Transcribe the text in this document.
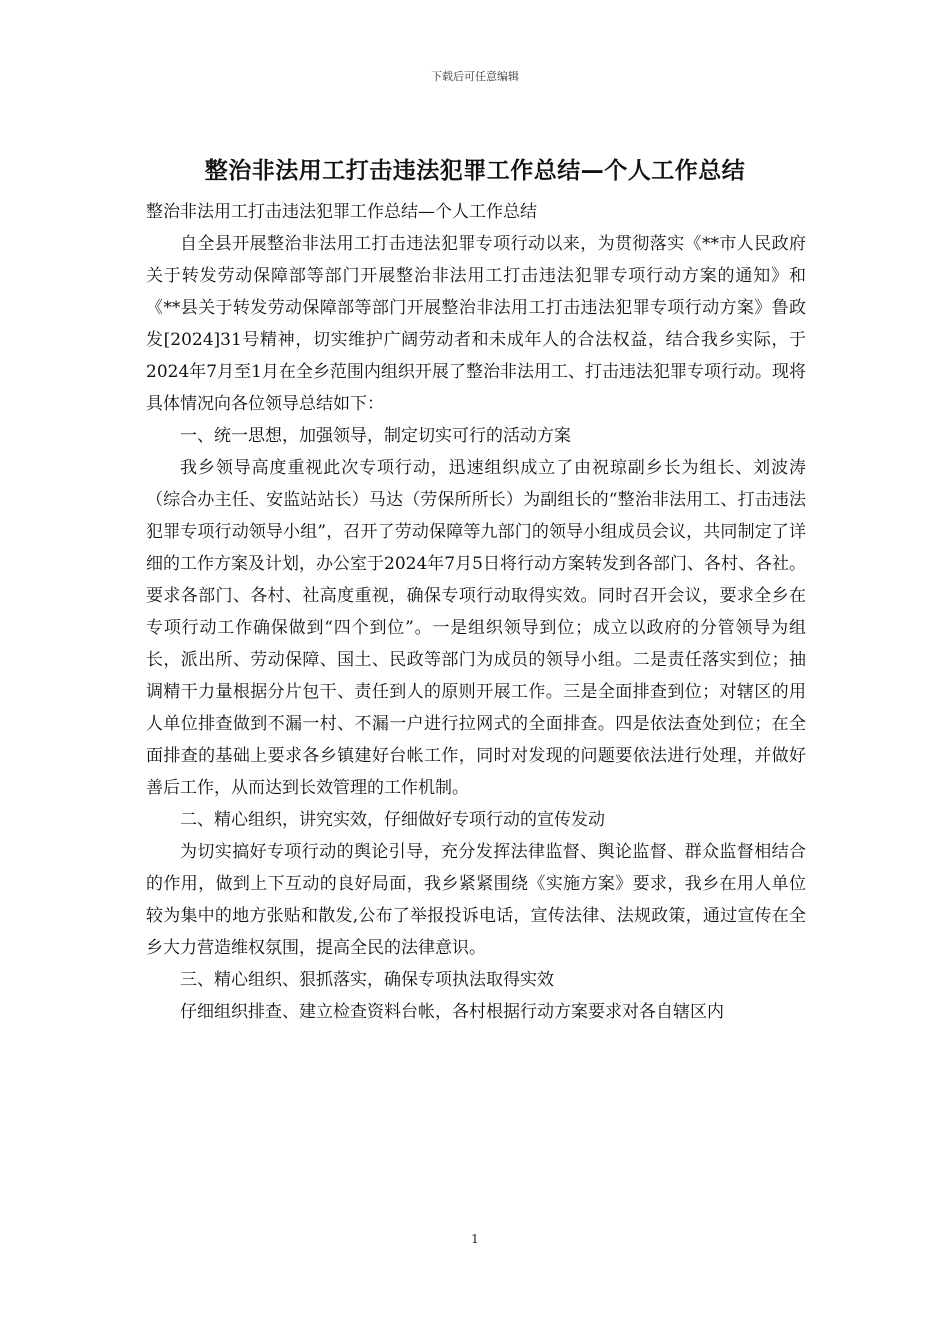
下载后可任意编辑
整治非法用工打击违法犯罪工作总结—个人工作总结

整治非法用工打击违法犯罪工作总结—个人工作总结

自全县开展整治非法用工打击违法犯罪专项行动以来，为贯彻落实《**市人民政府关于转发劳动保障部等部门开展整治非法用工打击违法犯罪专项行动方案的通知》和《**县关于转发劳动保障部等部门开展整治非法用工打击违法犯罪专项行动方案》鲁政发[2024]31号精神，切实维护广阔劳动者和未成年人的合法权益，结合我乡实际，于2024年7月至1月在全乡范围内组织开展了整治非法用工、打击违法犯罪专项行动。现将具体情况向各位领导总结如下：

一、统一思想，加强领导，制定切实可行的活动方案

我乡领导高度重视此次专项行动，迅速组织成立了由祝琼副乡长为组长、刘波涛（综合办主任、安监站站长）马达（劳保所所长）为副组长的“整治非法用工、打击违法犯罪专项行动领导小组”，召开了劳动保障等九部门的领导小组成员会议，共同制定了详细的工作方案及计划，办公室于2024年7月5日将行动方案转发到各部门、各村、各社。要求各部门、各村、社高度重视，确保专项行动取得实效。同时召开会议，要求全乡在专项行动工作确保做到“四个到位”。一是组织领导到位；成立以政府的分管领导为组长，派出所、劳动保障、国土、民政等部门为成员的领导小组。二是责任落实到位；抽调精干力量根据分片包干、责任到人的原则开展工作。三是全面排查到位；对辖区的用人单位排查做到不漏一村、不漏一户进行拉网式的全面排查。四是依法查处到位；在全面排查的基础上要求各乡镇建好台帐工作，同时对发现的问题要依法进行处理，并做好善后工作，从而达到长效管理的工作机制。

二、精心组织，讲究实效，仔细做好专项行动的宣传发动

为切实搞好专项行动的舆论引导，充分发挥法律监督、舆论监督、群众监督相结合的作用，做到上下互动的良好局面，我乡紧紧围绕《实施方案》要求，我乡在用人单位较为集中的地方张贴和散发,公布了举报投诉电话，宣传法律、法规政策，通过宣传在全乡大力营造维权氛围，提高全民的法律意识。

三、精心组织、狠抓落实，确保专项执法取得实效

仔细组织排查、建立检查资料台帐，各村根据行动方案要求对各自辖区内

1
